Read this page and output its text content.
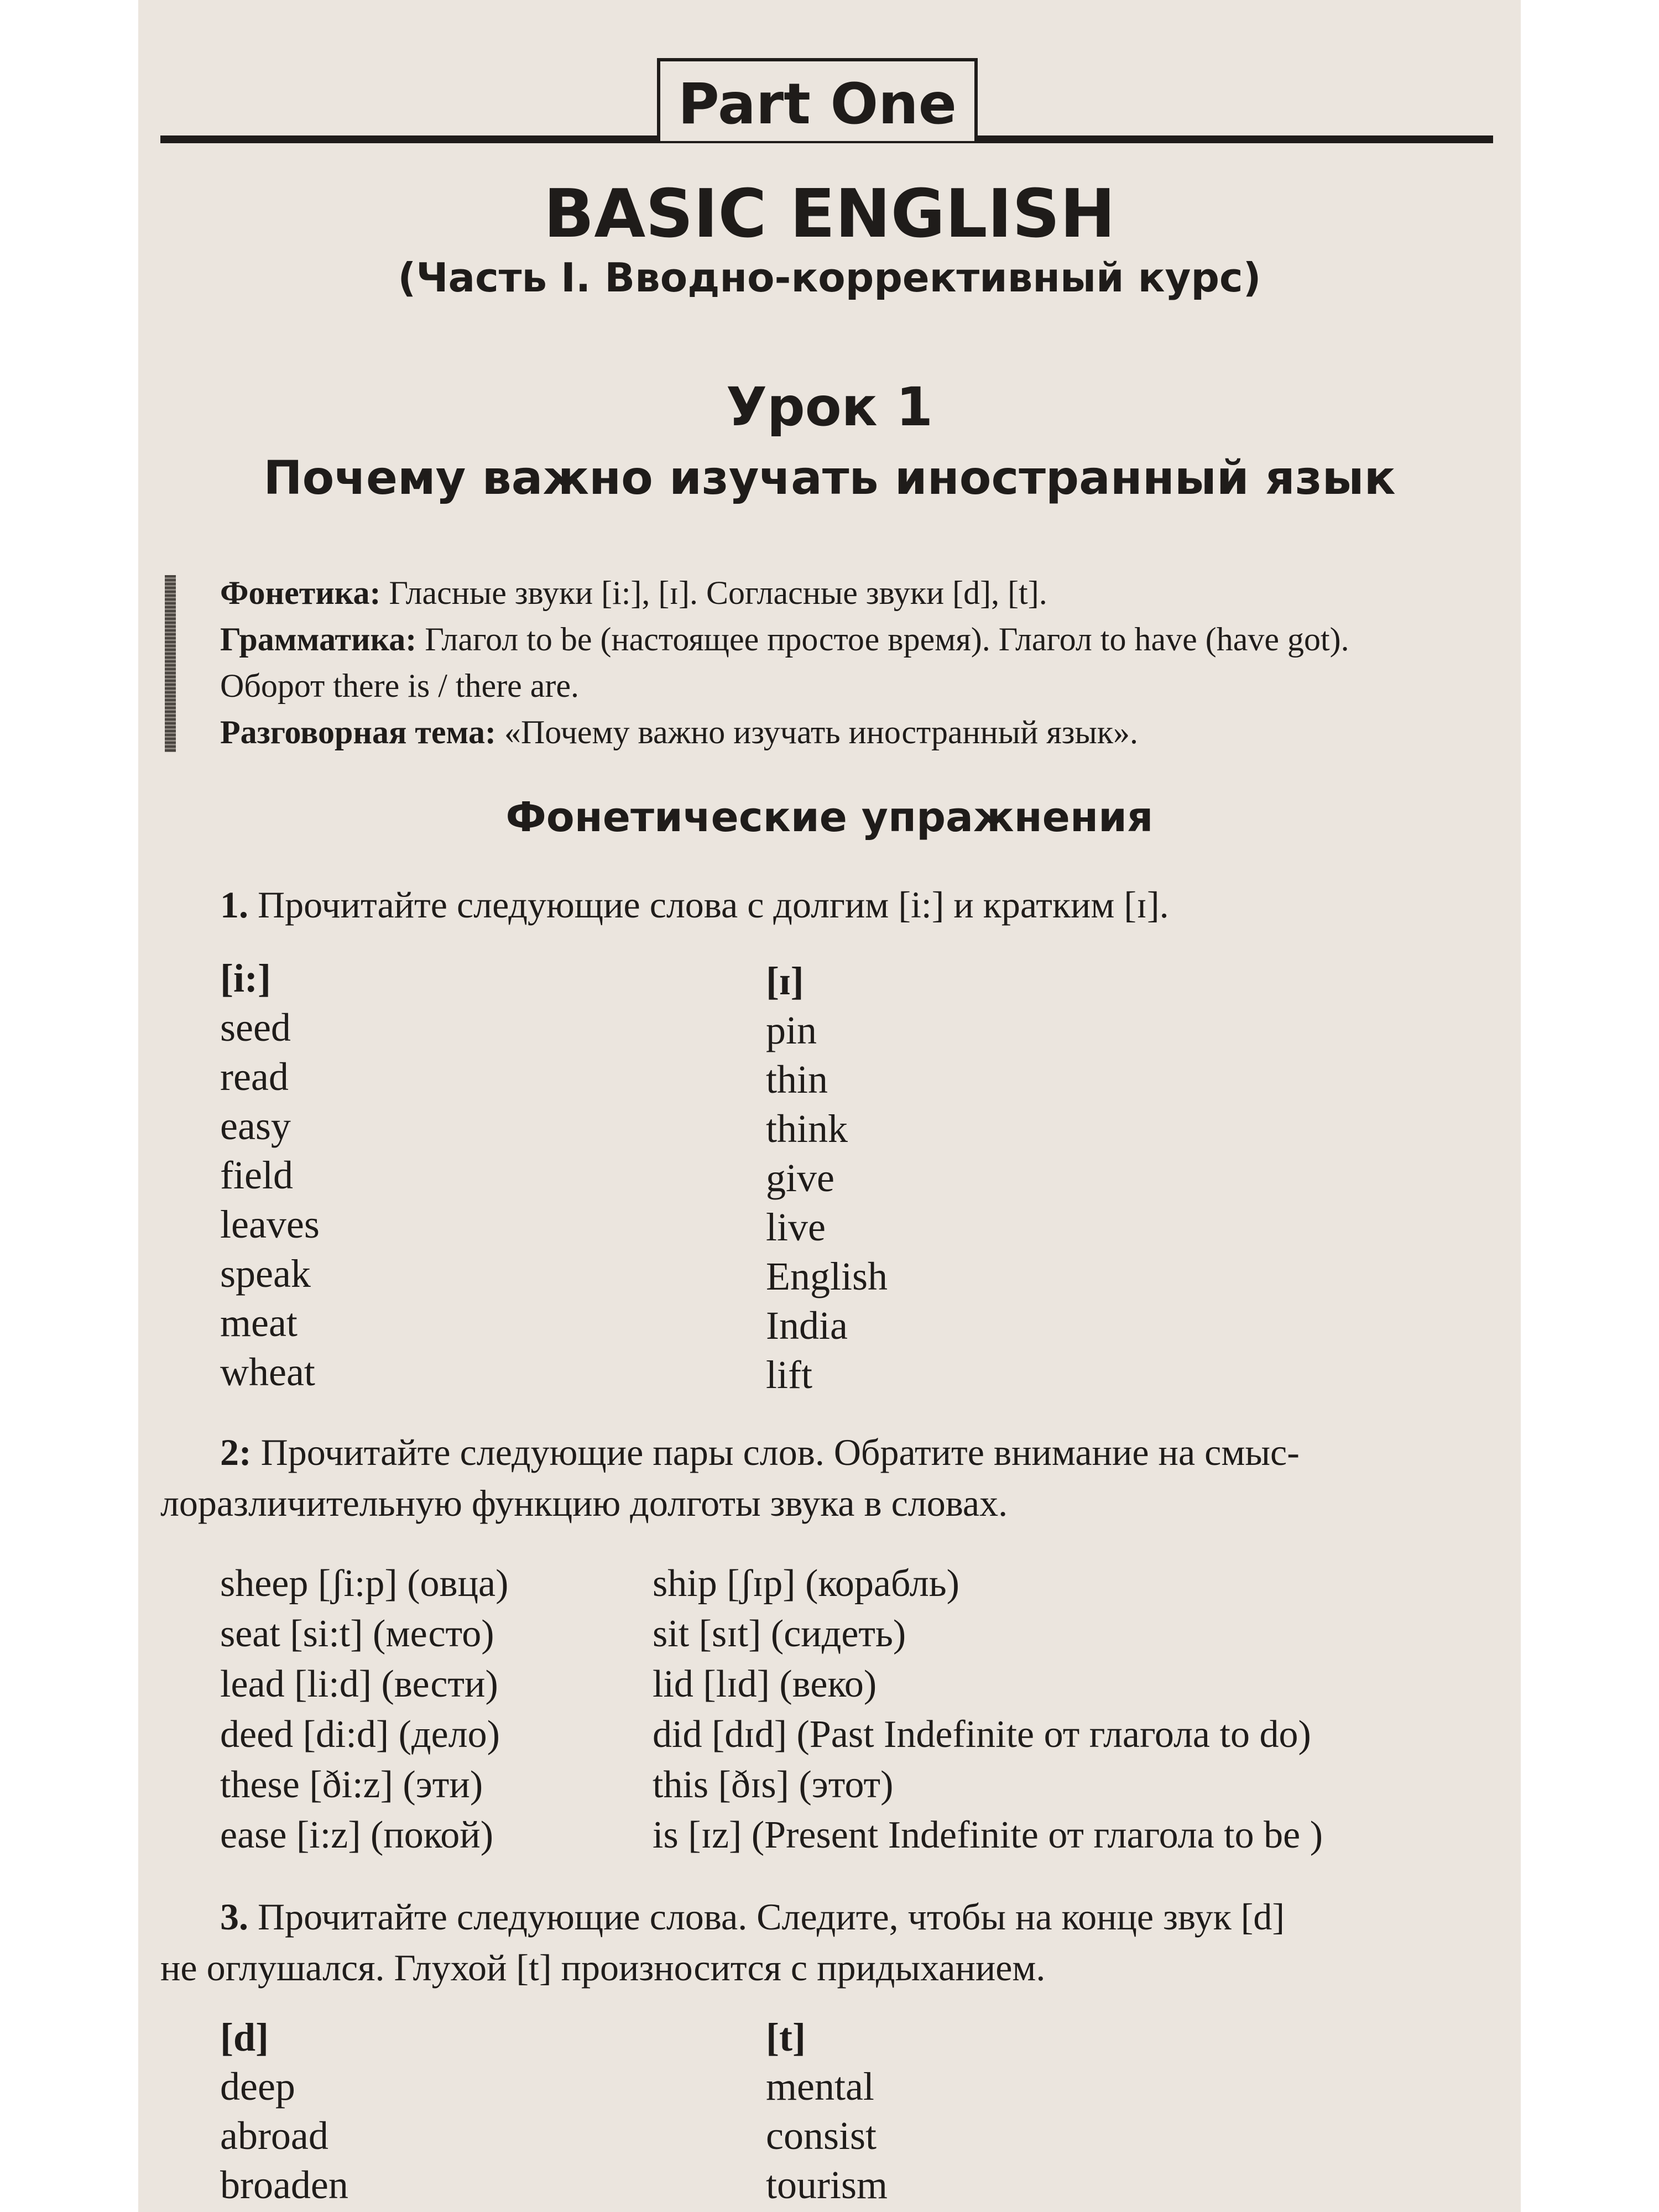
Part One
BASIC ENGLISH
(Часть I. Вводно-коррективный курс)
Урок 1
Почему важно изучать иностранный язык
Фонетика: Гласные звуки [i:], [ɪ]. Согласные звуки [d], [t].
Грамматика: Глагол to be (настоящее простое время). Глагол to have (have got).
Оборот there is / there are.
Разговорная тема: «Почему важно изучать иностранный язык».
Фонетические упражнения
1. Прочитайте следующие слова с долгим [i:] и кратким [ɪ].
[i:]
seed
read
easy
field
leaves
speak
meat
wheat
[ɪ]
pin
thin
think
give
live
English
India
lift
2: Прочитайте следующие пары слов. Обратите внимание на смыс-
лоразличительную функцию долготы звука в словах.
sheep [ʃi:p] (овца)
seat [si:t] (место)
lead [li:d] (вести)
deed [di:d] (дело)
these [ði:z] (эти)
ease [i:z] (покой)
ship [ʃɪp] (корабль)
sit [sɪt] (сидеть)
lid [lɪd] (веко)
did [dɪd] (Past Indefinite от глагола to do)
this [ðɪs] (этот)
is [ɪz] (Present Indefinite от глагола to be )
3. Прочитайте следующие слова. Следите, чтобы на конце звук [d]
не оглушался. Глухой [t] произносится с придыханием.
[d]
deep
abroad
broaden
[t]
mental
consist
tourism
